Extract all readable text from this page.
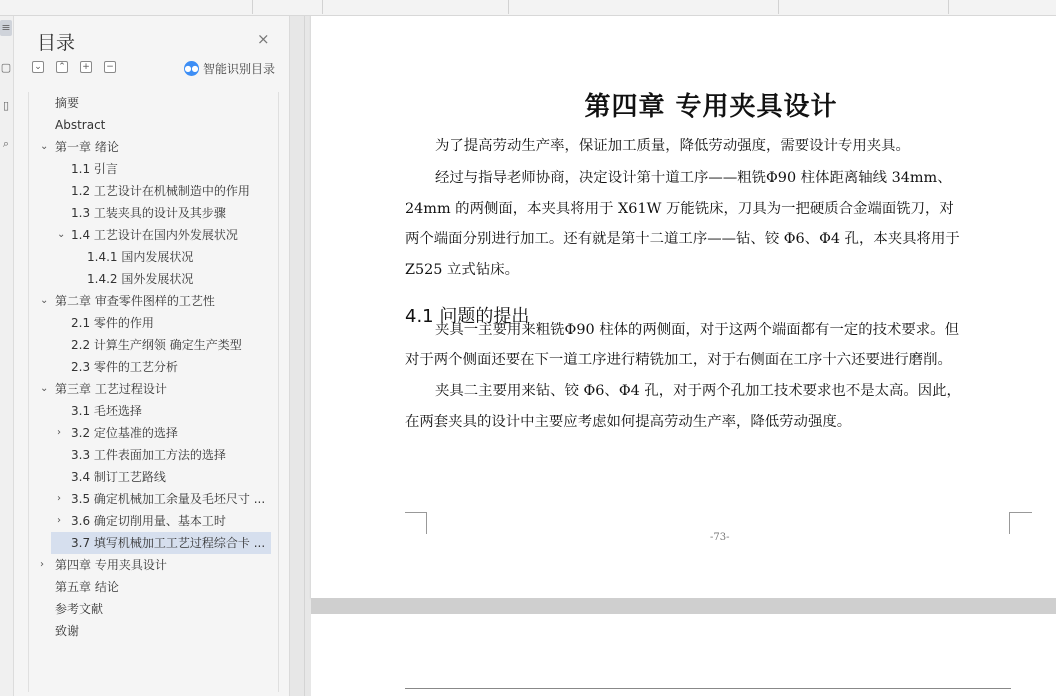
≡
▢
▯
⌕
目录	×
⌄ ⌃ + −	●● 智能识别目录
摘要
Abstract
⌄ 第一章 绪论
1.1 引言
1.2 工艺设计在机械制造中的作用
1.3 工装夹具的设计及其步骤
⌄ 1.4 工艺设计在国内外发展状况
1.4.1 国内发展状况
1.4.2 国外发展状况
⌄ 第二章 审查零件图样的工艺性
2.1 零件的作用
2.2 计算生产纲领 确定生产类型
2.3 零件的工艺分析
⌄ 第三章 工艺过程设计
3.1 毛坯选择
› 3.2 定位基准的选择
3.3 工件表面加工方法的选择
3.4 制订工艺路线
› 3.5 确定机械加工余量及毛坯尺寸 ...
› 3.6 确定切削用量、基本工时
3.7 填写机械加工工艺过程综合卡 ...
› 第四章 专用夹具设计
第五章 结论
参考文献
致谢
第四章 专用夹具设计
为了提高劳动生产率，保证加工质量，降低劳动强度，需要设计专用夹具。
经过与指导老师协商，决定设计第十道工序——粗铣Φ90 柱体距离轴线 34mm、
24mm 的两侧面，本夹具将用于 X61W 万能铣床，刀具为一把硬质合金端面铣刀，对
两个端面分别进行加工。还有就是第十二道工序——钻、铰 Φ6、Φ4 孔，本夹具将用于
Z525 立式钻床。
4.1 问题的提出
夹具一主要用来粗铣Φ90 柱体的两侧面，对于这两个端面都有一定的技术要求。但
对于两个侧面还要在下一道工序进行精铣加工，对于右侧面在工序十六还要进行磨削。
夹具二主要用来钻、铰 Φ6、Φ4 孔，对于两个孔加工技术要求也不是太高。因此，
在两套夹具的设计中主要应考虑如何提高劳动生产率，降低劳动强度。
-73-
